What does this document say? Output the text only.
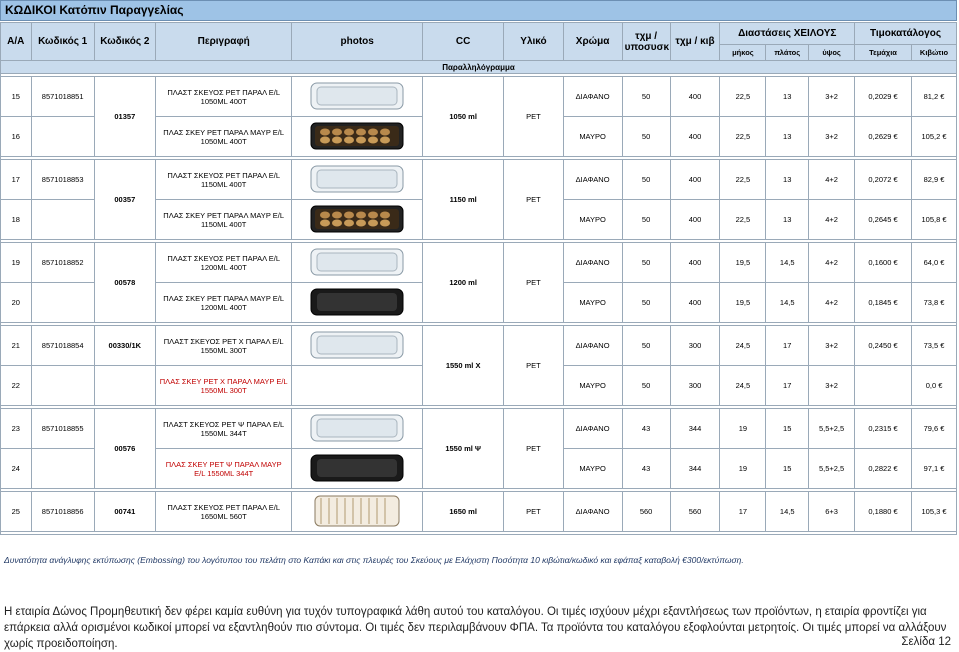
ΚΩΔΙΚΟΙ Κατόπιν Παραγγελίας
Α/Α	Κωδικός 1	Κωδικός 2	Περιγραφή	photos	CC	Υλικό	Χρώμα	τχμ / υποσυσκ	τχμ / κιβ	Διαστάσεις ΧΕΙΛΟΥΣ			Τιμοκατάλογος	
										μήκος	πλάτος	ύψος	Τεμάχια	Κιβώτιο
Παραλληλόγραμμα														

15	8571018851	01357	ΠΛΑΣΤ ΣΚΕΥΟΣ PET ΠΑΡΑΛ E/L
1050ML 400T		1050 ml	PET	ΔΙΑΦΑΝΟ	50	400	22,5	13	3+2	0,2029 €	81,2 €
16			ΠΛΑΣ ΣΚΕΥ PET ΠΑΡΑΛ ΜΑΥΡ E/L
1050ML 400T				ΜΑΥΡΟ	50	400	22,5	13	3+2	0,2629 €	105,2 €

17	8571018853	00357	ΠΛΑΣΤ ΣΚΕΥΟΣ PET ΠΑΡΑΛ E/L
1150ML 400T		1150 ml	PET	ΔΙΑΦΑΝΟ	50	400	22,5	13	4+2	0,2072 €	82,9 €
18			ΠΛΑΣ ΣΚΕΥ PET ΠΑΡΑΛ ΜΑΥΡ E/L
1150ML 400T				ΜΑΥΡΟ	50	400	22,5	13	4+2	0,2645 €	105,8 €

19	8571018852	00578	ΠΛΑΣΤ ΣΚΕΥΟΣ PET ΠΑΡΑΛ E/L
1200ML 400T		1200 ml	PET	ΔΙΑΦΑΝΟ	50	400	19,5	14,5	4+2	0,1600 €	64,0 €
20			ΠΛΑΣ ΣΚΕΥ PET ΠΑΡΑΛ ΜΑΥΡ E/L
1200ML 400T				ΜΑΥΡΟ	50	400	19,5	14,5	4+2	0,1845 €	73,8 €

21	8571018854	00330/1K	ΠΛΑΣΤ ΣΚΕΥΟΣ PET X ΠΑΡΑΛ E/L
1550ML 300T		1550 ml X	PET	ΔΙΑΦΑΝΟ	50	300	24,5	17	3+2	0,2450 €	73,5 €
22			ΠΛΑΣ ΣΚΕΥ PET X ΠΑΡΑΛ ΜΑΥΡ E/L
1550ML 300T				ΜΑΥΡΟ	50	300	24,5	17	3+2		0,0 €

23	8571018855	00576	ΠΛΑΣΤ ΣΚΕΥΟΣ PET Ψ ΠΑΡΑΛ E/L
1550ML 344T		1550 ml Ψ	PET	ΔΙΑΦΑΝΟ	43	344	19	15	5,5+2,5	0,2315 €	79,6 €
24			ΠΛΑΣ ΣΚΕΥ PET Ψ ΠΑΡΑΛ ΜΑΥΡ
E/L 1550ML 344T				ΜΑΥΡΟ	43	344	19	15	5,5+2,5	0,2822 €	97,1 €

25	8571018856	00741	ΠΛΑΣΤ ΣΚΕΥΟΣ PET ΠΑΡΑΛ E/L
1650ML 560T		1650 ml	PET	ΔΙΑΦΑΝΟ	560	560	17	14,5	6+3	0,1880 €	105,3 €

Δυνατότητα ανάγλυφης εκτύπωσης (Embossing) του λογότυπου του πελάτη στο Καπάκι και στις πλευρές του Σκεύους με Ελάχιστη Ποσότητα 10 κιβώτια/κωδικό και εφάπαξ καταβολή €300/εκτύπωση.
Η εταιρία Δώνος Προμηθευτική δεν φέρει καμία ευθύνη για τυχόν τυπογραφικά λάθη αυτού του καταλόγου. Οι τιμές ισχύουν μέχρι εξαντλήσεως των προϊόντων, η εταιρία φροντίζει για επάρκεια αλλά ορισμένοι κωδικοί μπορεί να εξαντληθούν πιο σύντομα. Οι τιμές δεν περιλαμβάνουν ΦΠΑ. Τα προϊόντα του καταλόγου εξοφλούνται μετρητοίς. Οι τιμές μπορεί να αλλάξουν χωρίς προειδοποίηση.	Σελίδα 12
